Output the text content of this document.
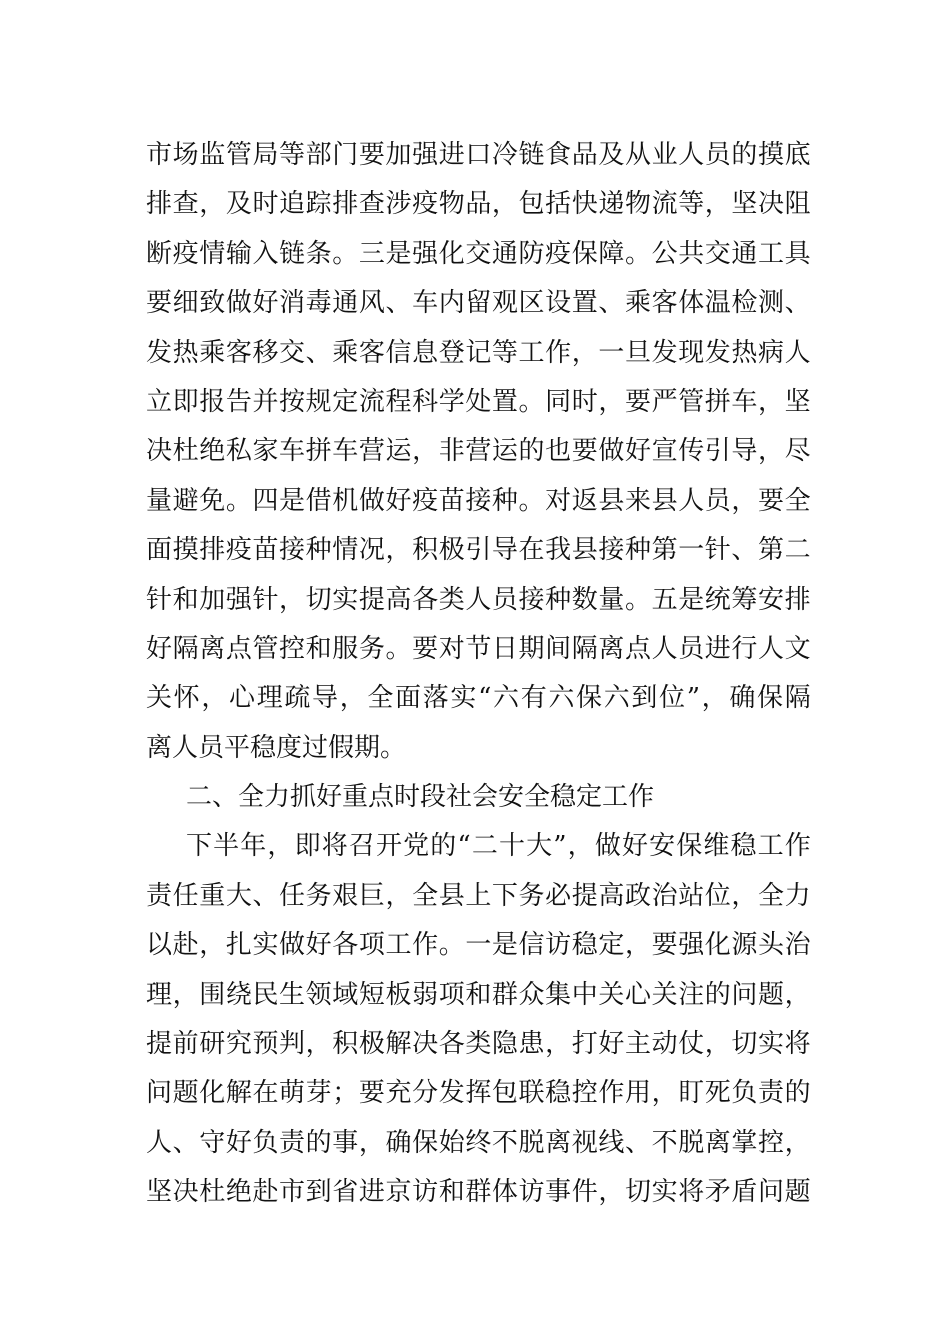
市 场 监 管 局 等 部 门 要 加 强 进 口 冷 链 食 品 及 从 业 人 员 的 摸 底
排 查 ， 及 时 追 踪 排 查 涉 疫 物 品 ， 包 括 快 递 物 流 等 ， 坚 决 阻
断 疫 情 输 入 链 条 。 三 是 强 化 交 通 防 疫 保 障 。 公 共 交 通 工 具
要 细 致 做 好 消 毒 通 风 、 车 内 留 观 区 设 置 、 乘 客 体 温 检 测 、
发 热 乘 客 移 交 、 乘 客 信 息 登 记 等 工 作 ， 一 旦 发 现 发 热 病 人
立 即 报 告 并 按 规 定 流 程 科 学 处 置 。 同 时 ， 要 严 管 拼 车 ， 坚
决 杜 绝 私 家 车 拼 车 营 运 ， 非 营 运 的 也 要 做 好 宣 传 引 导 ， 尽
量 避 免 。 四 是 借 机 做 好 疫 苗 接 种 。 对 返 县 来 县 人 员 ， 要 全
面 摸 排 疫 苗 接 种 情 况 ， 积 极 引 导 在 我 县 接 种 第 一 针 、 第 二
针 和 加 强 针 ， 切 实 提 高 各 类 人 员 接 种 数 量 。 五 是 统 筹 安 排
好 隔 离 点 管 控 和 服 务 。 要 对 节 日 期 间 隔 离 点 人 员 进 行 人 文
关 怀 ， 心 理 疏 导 ， 全 面 落 实 “ 六 有 六 保 六 到 位 ” ， 确 保 隔
离人员平稳度过假期。
二、全力抓好重点时段社会安全稳定工作
下 半 年 ， 即 将 召 开 党 的 “ 二 十 大 ” ， 做 好 安 保 维 稳 工 作
责 任 重 大 、 任 务 艰 巨 ， 全 县 上 下 务 必 提 高 政 治 站 位 ， 全 力
以 赴 ， 扎 实 做 好 各 项 工 作 。 一 是 信 访 稳 定 ， 要 强 化 源 头 治
理 ， 围 绕 民 生 领 域 短 板 弱 项 和 群 众 集 中 关 心 关 注 的 问 题 ，
提 前 研 究 预 判 ， 积 极 解 决 各 类 隐 患 ， 打 好 主 动 仗 ， 切 实 将
问 题 化 解 在 萌 芽 ； 要 充 分 发 挥 包 联 稳 控 作 用 ， 盯 死 负 责 的
人 、 守 好 负 责 的 事 ， 确 保 始 终 不 脱 离 视 线 、 不 脱 离 掌 控 ，
坚 决 杜 绝 赴 市 到 省 进 京 访 和 群 体 访 事 件 ， 切 实 将 矛 盾 问 题
